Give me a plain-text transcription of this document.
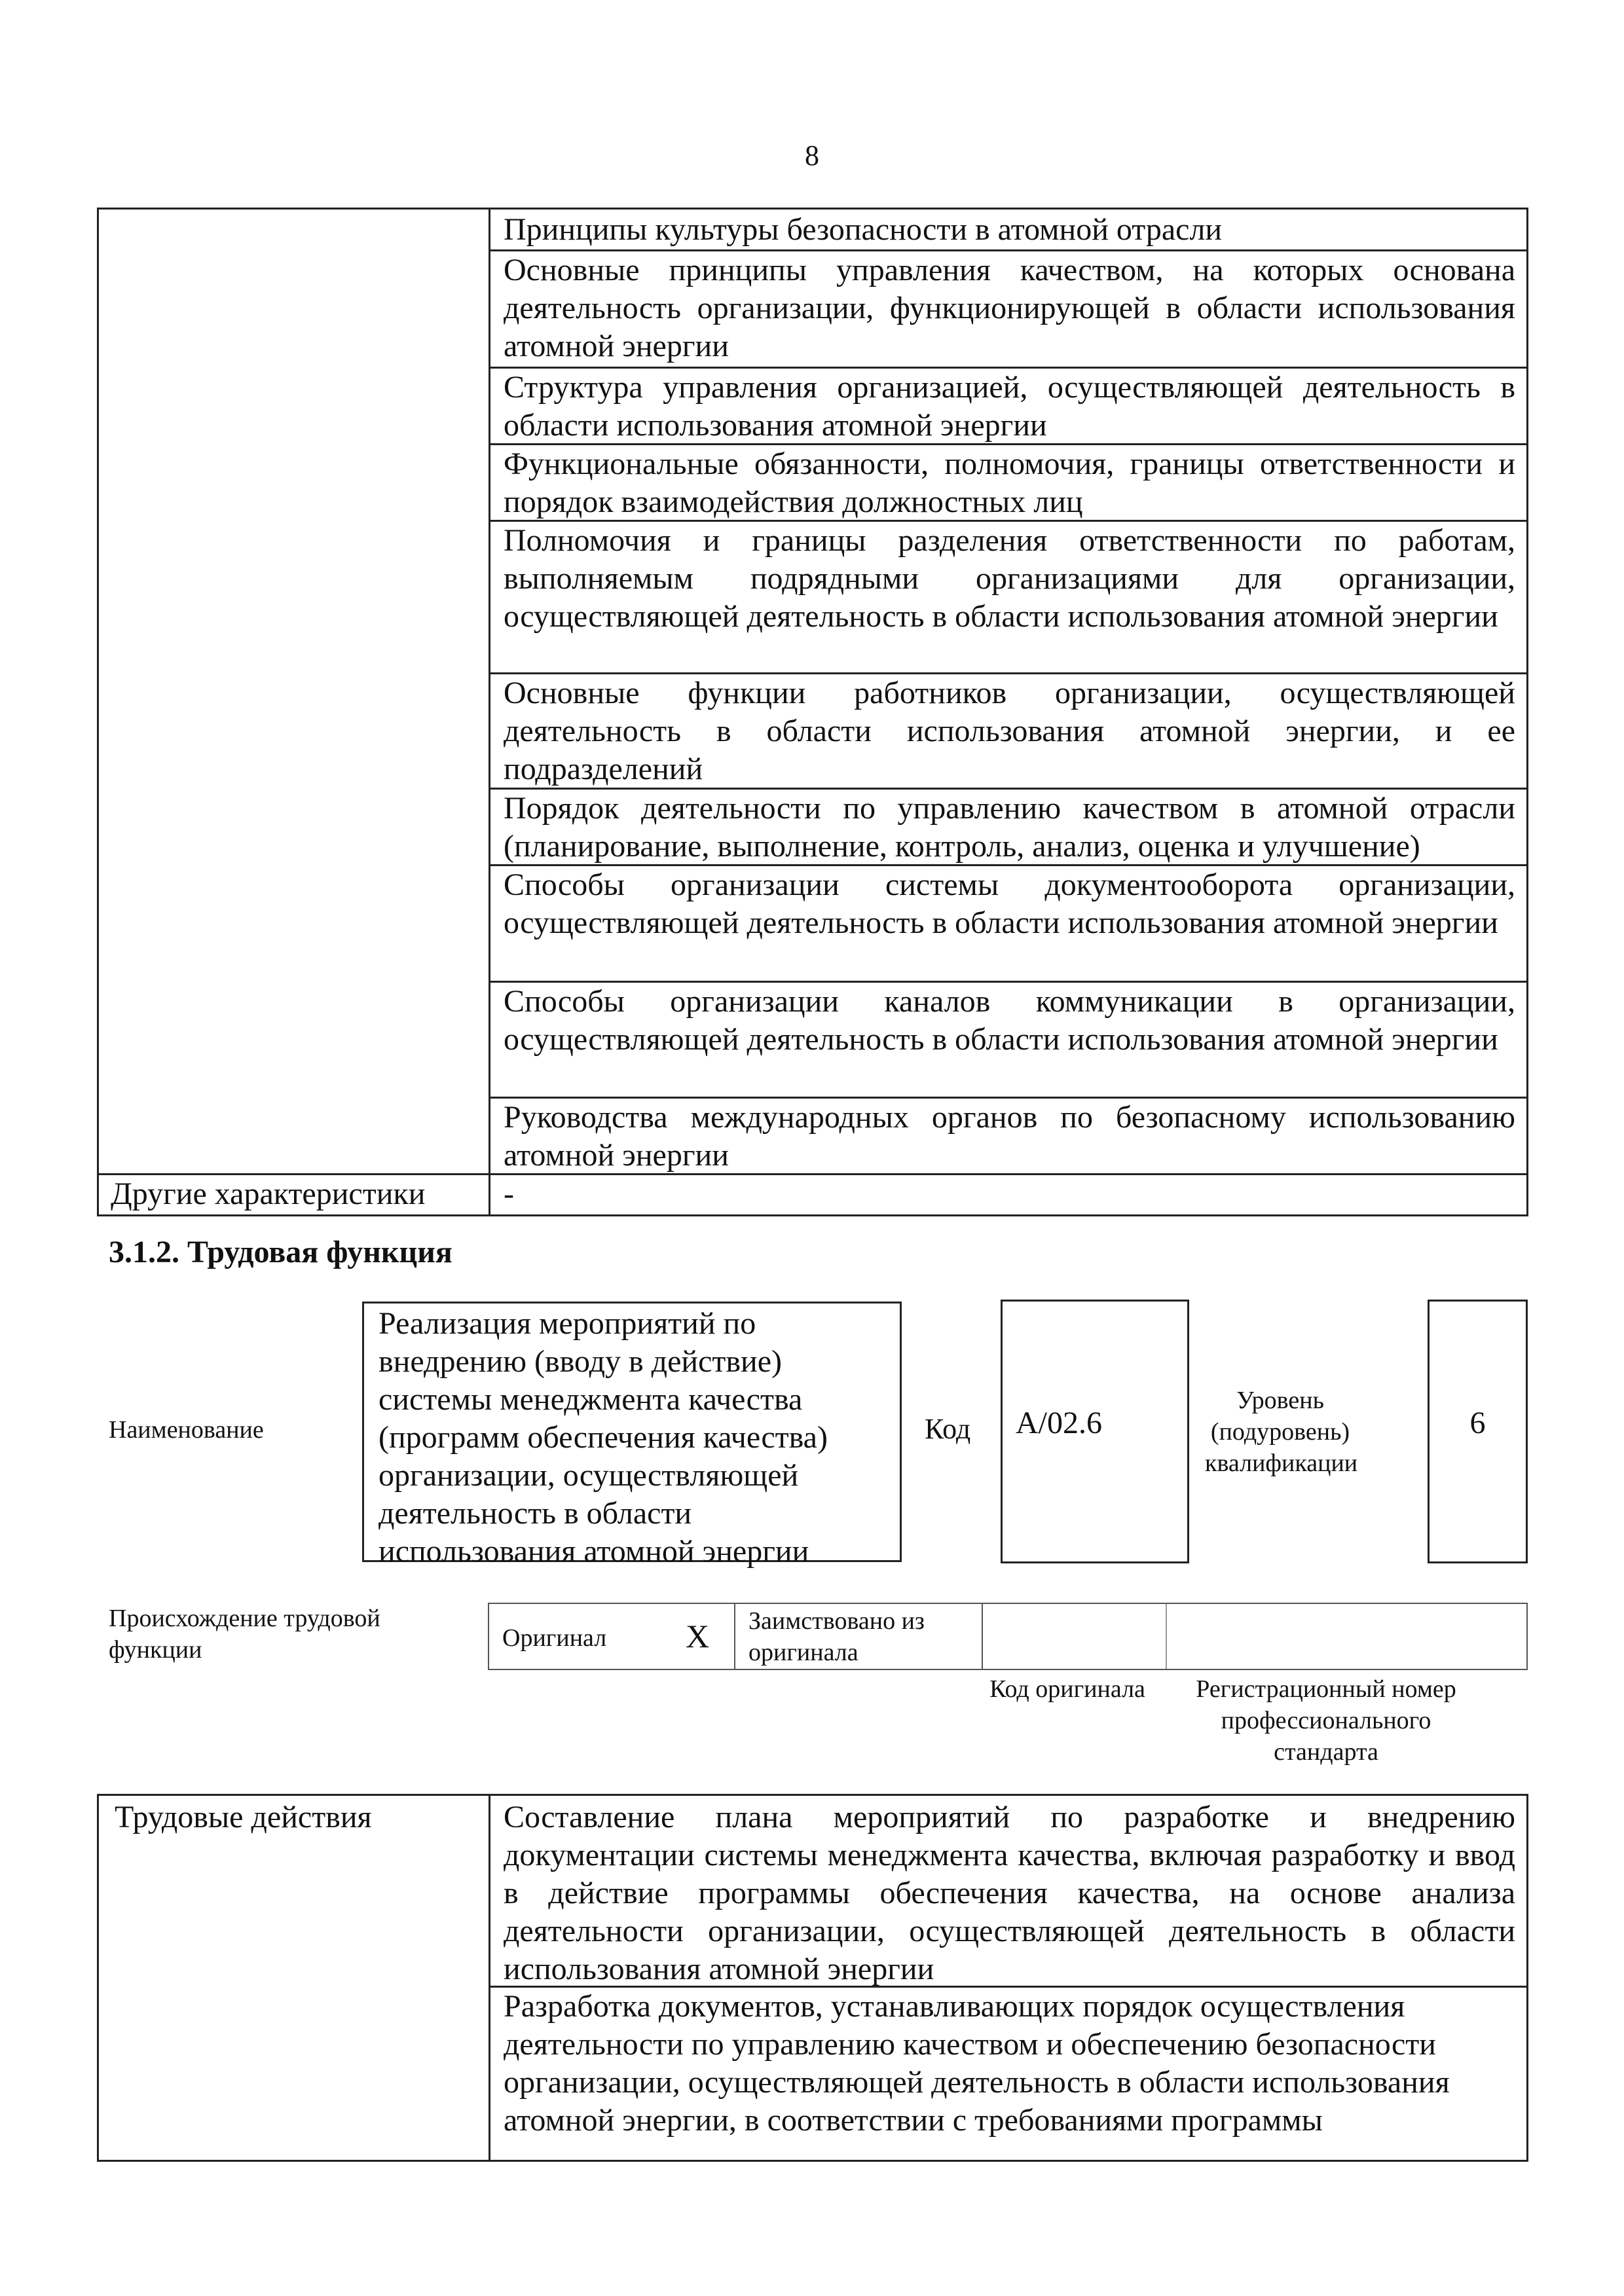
8
Принципы культуры безопасности в атомной отрасли
Основные принципы управления качеством, на которых основана деятельность организации, функционирующей в области использования атомной энергии
Структура управления организацией, осуществляющей деятельность в области использования атомной энергии
Функциональные обязанности, полномочия, границы ответственности и порядок взаимодействия должностных лиц
Полномочия и границы разделения ответственности по работам, выполняемым подрядными организациями для организации, осуществляющей деятельность в области использования атомной энергии
Основные функции работников организации, осуществляющей деятельность в области использования атомной энергии, и ее подразделений
Порядок деятельности по управлению качеством в атомной отрасли (планирование, выполнение, контроль, анализ, оценка и улучшение)
Способы организации системы документооборота организации, осуществляющей деятельность в области использования атомной энергии
Способы организации каналов коммуникации в организации, осуществляющей деятельность в области использования атомной энергии
Руководства международных органов по безопасному использованию атомной энергии
Другие характеристики	-
3.1.2. Трудовая функция
Наименование
Реализация мероприятий по внедрению (вводу в действие) системы менеджмента качества (программ обеспечения качества) организации, осуществляющей деятельность в области использования атомной энергии
Код A/02.6
Уровень (подуровень) квалификации
6
Происхождение трудовой функции	Оригинал X Заимствовано из оригинала
Код оригинала	Регистрационный номер профессионального стандарта
Трудовые действия	Составление плана мероприятий по разработке и внедрению документации системы менеджмента качества, включая разработку и ввод в действие программы обеспечения качества, на основе анализа деятельности организации, осуществляющей деятельность в области использования атомной энергии
Разработка документов, устанавливающих порядок осуществления деятельности по управлению качеством и обеспечению безопасности организации, осуществляющей деятельность в области использования атомной энергии, в соответствии с требованиями программы
